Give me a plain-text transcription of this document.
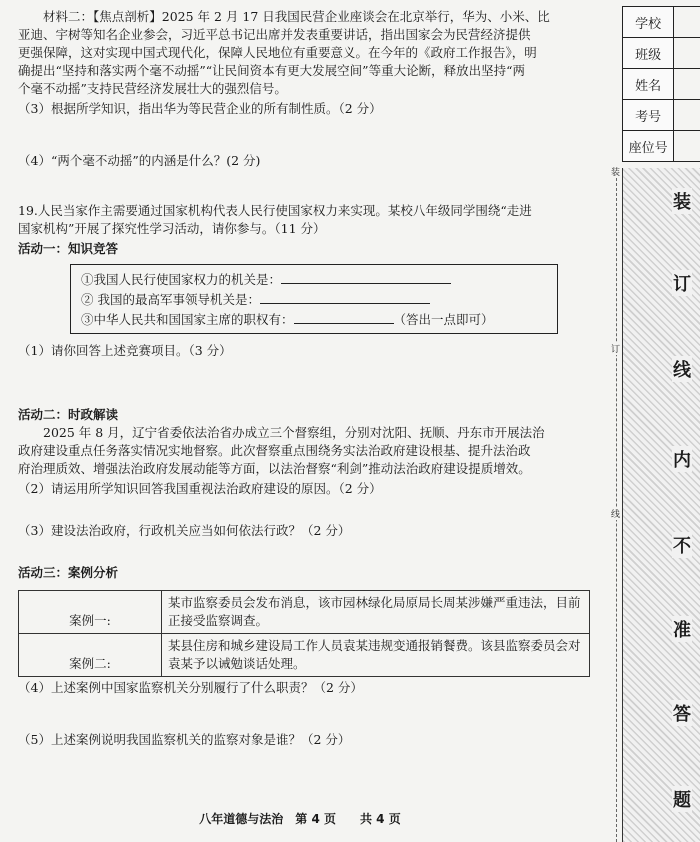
材料二：【焦点剖析】2025 年 2 月 17 日我国民营企业座谈会在北京举行，华为、小米、比

亚迪、宇树等知名企业参会，习近平总书记出席并发表重要讲话，指出国家会为民营经济提供

更强保障，这对实现中国式现代化，保障人民地位有重要意义。在今年的《政府工作报告》，明

确提出“坚持和落实两个毫不动摇”“让民间资本有更大发展空间”等重大论断，释放出坚持“两

个毫不动摇”支持民营经济发展壮大的强烈信号。

（3）根据所学知识，指出华为等民营企业的所有制性质。（2 分）

（4）“两个毫不动摇”的内涵是什么？(2 分)

19.人民当家作主需要通过国家机构代表人民行使国家权力来实现。某校八年级同学围绕“走进

国家机构”开展了探究性学习活动，请你参与。（11 分）

活动一：知识竞答

①我国人民行使国家权力的机关是：
② 我国的最高军事领导机关是：
③中华人民共和国国家主席的职权有：	（答出一点即可）

（1）请你回答上述竞赛项目。（3 分）

活动二：时政解读

2025 年 8 月，辽宁省委依法治省办成立三个督察组，分别对沈阳、抚顺、丹东市开展法治

政府建设重点任务落实情况实地督察。此次督察重点围绕务实法治政府建设根基、提升法治政

府治理质效、增强法治政府发展动能等方面，以法治督察“利剑”推动法治政府建设提质增效。

（2）请运用所学知识回答我国重视法治政府建设的原因。（2 分）

（3）建设法治政府，行政机关应当如何依法行政？（2 分）

活动三：案例分析

案例一:	某市监察委员会发布消息，该市园林绿化局原局长周某涉嫌严重违法，目前正接受监察调查。
案例二:	某县住房和城乡建设局工作人员袁某违规变通报销餐费。该县监察委员会对袁某予以诫勉谈话处理。

（4）上述案例中国家监察机关分别履行了什么职责？（2 分）

（5）上述案例说明我国监察机关的监察对象是谁？（2 分）

八年道德与法治　第 4 页　　共 4 页
学校	
班级	
姓名	
考号	
座位号	
装
订
线
装
订
线
内
不
准
答
题
